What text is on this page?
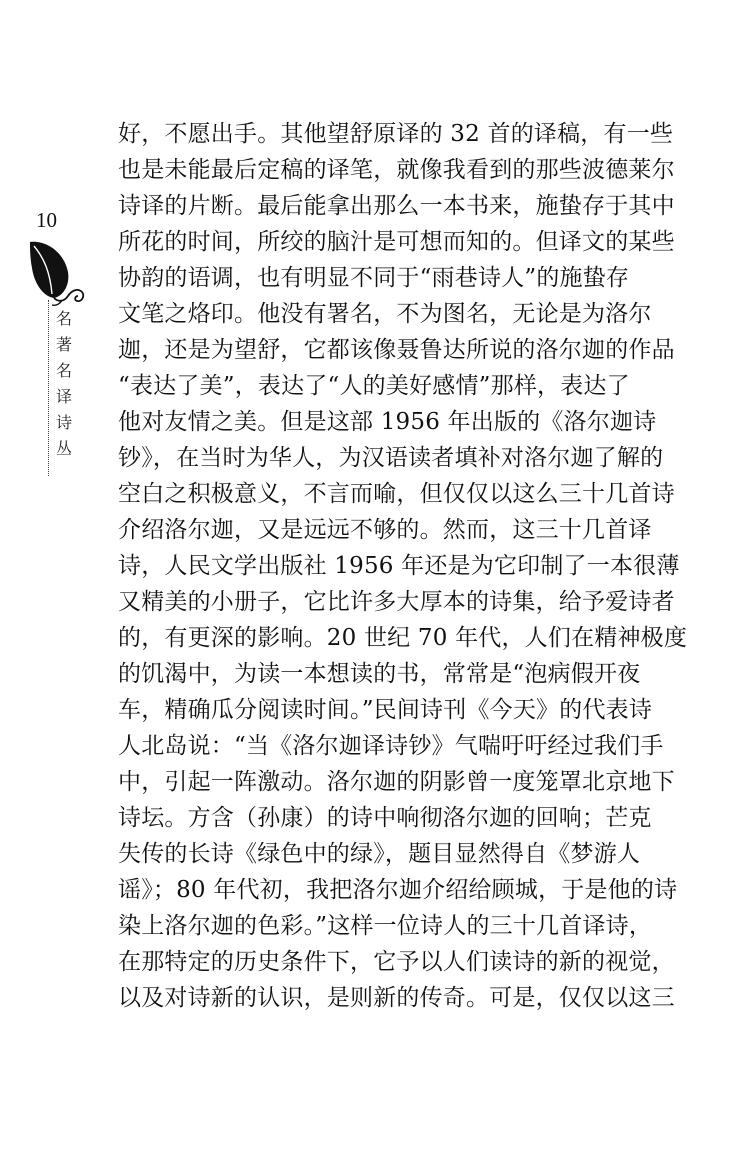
10
名
著
名
译
诗
丛
好，不愿出手。其他望舒原译的 32 首的译稿，有一些
也是未能最后定稿的译笔，就像我看到的那些波德莱尔
诗译的片断。最后能拿出那么一本书来，施蛰存于其中
所花的时间，所绞的脑汁是可想而知的。但译文的某些
协韵的语调，也有明显不同于“雨巷诗人”的施蛰存
文笔之烙印。他没有署名，不为图名，无论是为洛尔
迦，还是为望舒，它都该像聂鲁达所说的洛尔迦的作品
“表达了美”，表达了“人的美好感情”那样，表达了
他对友情之美。但是这部 1956 年出版的《洛尔迦诗
钞》，在当时为华人，为汉语读者填补对洛尔迦了解的
空白之积极意义，不言而喻，但仅仅以这么三十几首诗
介绍洛尔迦，又是远远不够的。然而，这三十几首译
诗，人民文学出版社 1956 年还是为它印制了一本很薄
又精美的小册子，它比许多大厚本的诗集，给予爱诗者
的，有更深的影响。20 世纪 70 年代，人们在精神极度
的饥渴中，为读一本想读的书，常常是“泡病假开夜
车，精确瓜分阅读时间。”民间诗刊《今天》的代表诗
人北岛说：“当《洛尔迦译诗钞》气喘吁吁经过我们手
中，引起一阵激动。洛尔迦的阴影曾一度笼罩北京地下
诗坛。方含（孙康）的诗中响彻洛尔迦的回响；芒克
失传的长诗《绿色中的绿》，题目显然得自《梦游人
谣》；80 年代初，我把洛尔迦介绍给顾城，于是他的诗
染上洛尔迦的色彩。”这样一位诗人的三十几首译诗，
在那特定的历史条件下，它予以人们读诗的新的视觉，
以及对诗新的认识，是则新的传奇。可是，仅仅以这三
